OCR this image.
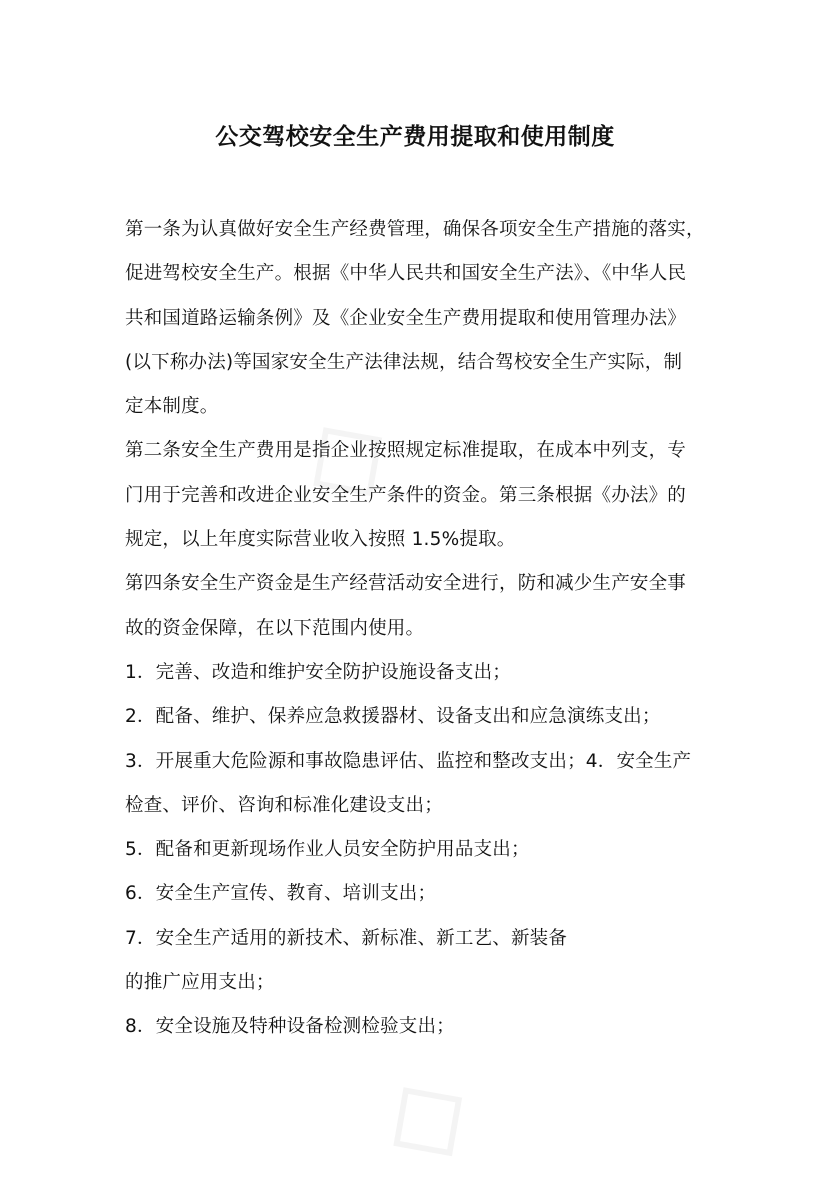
◇
◇
公交驾校安全生产费用提取和使用制度
第一条为认真做好安全生产经费管理，确保各项安全生产措施的落实，
促进驾校安全生产。根据《中华人民共和国安全生产法》、《中华人民
共和国道路运输条例》及《企业安全生产费用提取和使用管理办法》
(以下称办法)等国家安全生产法律法规，结合驾校安全生产实际，制
定本制度。
第二条安全生产费用是指企业按照规定标准提取，在成本中列支，专
门用于完善和改进企业安全生产条件的资金。第三条根据《办法》的
规定，以上年度实际营业收入按照 1.5%提取。
第四条安全生产资金是生产经营活动安全进行，防和减少生产安全事
故的资金保障，在以下范围内使用。
1．完善、改造和维护安全防护设施设备支出；
2．配备、维护、保养应急救援器材、设备支出和应急演练支出；
3．开展重大危险源和事故隐患评估、监控和整改支出；4．安全生产
检查、评价、咨询和标准化建设支出；
5．配备和更新现场作业人员安全防护用品支出；
6．安全生产宣传、教育、培训支出；
7．安全生产适用的新技术、新标准、新工艺、新装备
的推广应用支出；
8．安全设施及特种设备检测检验支出；
